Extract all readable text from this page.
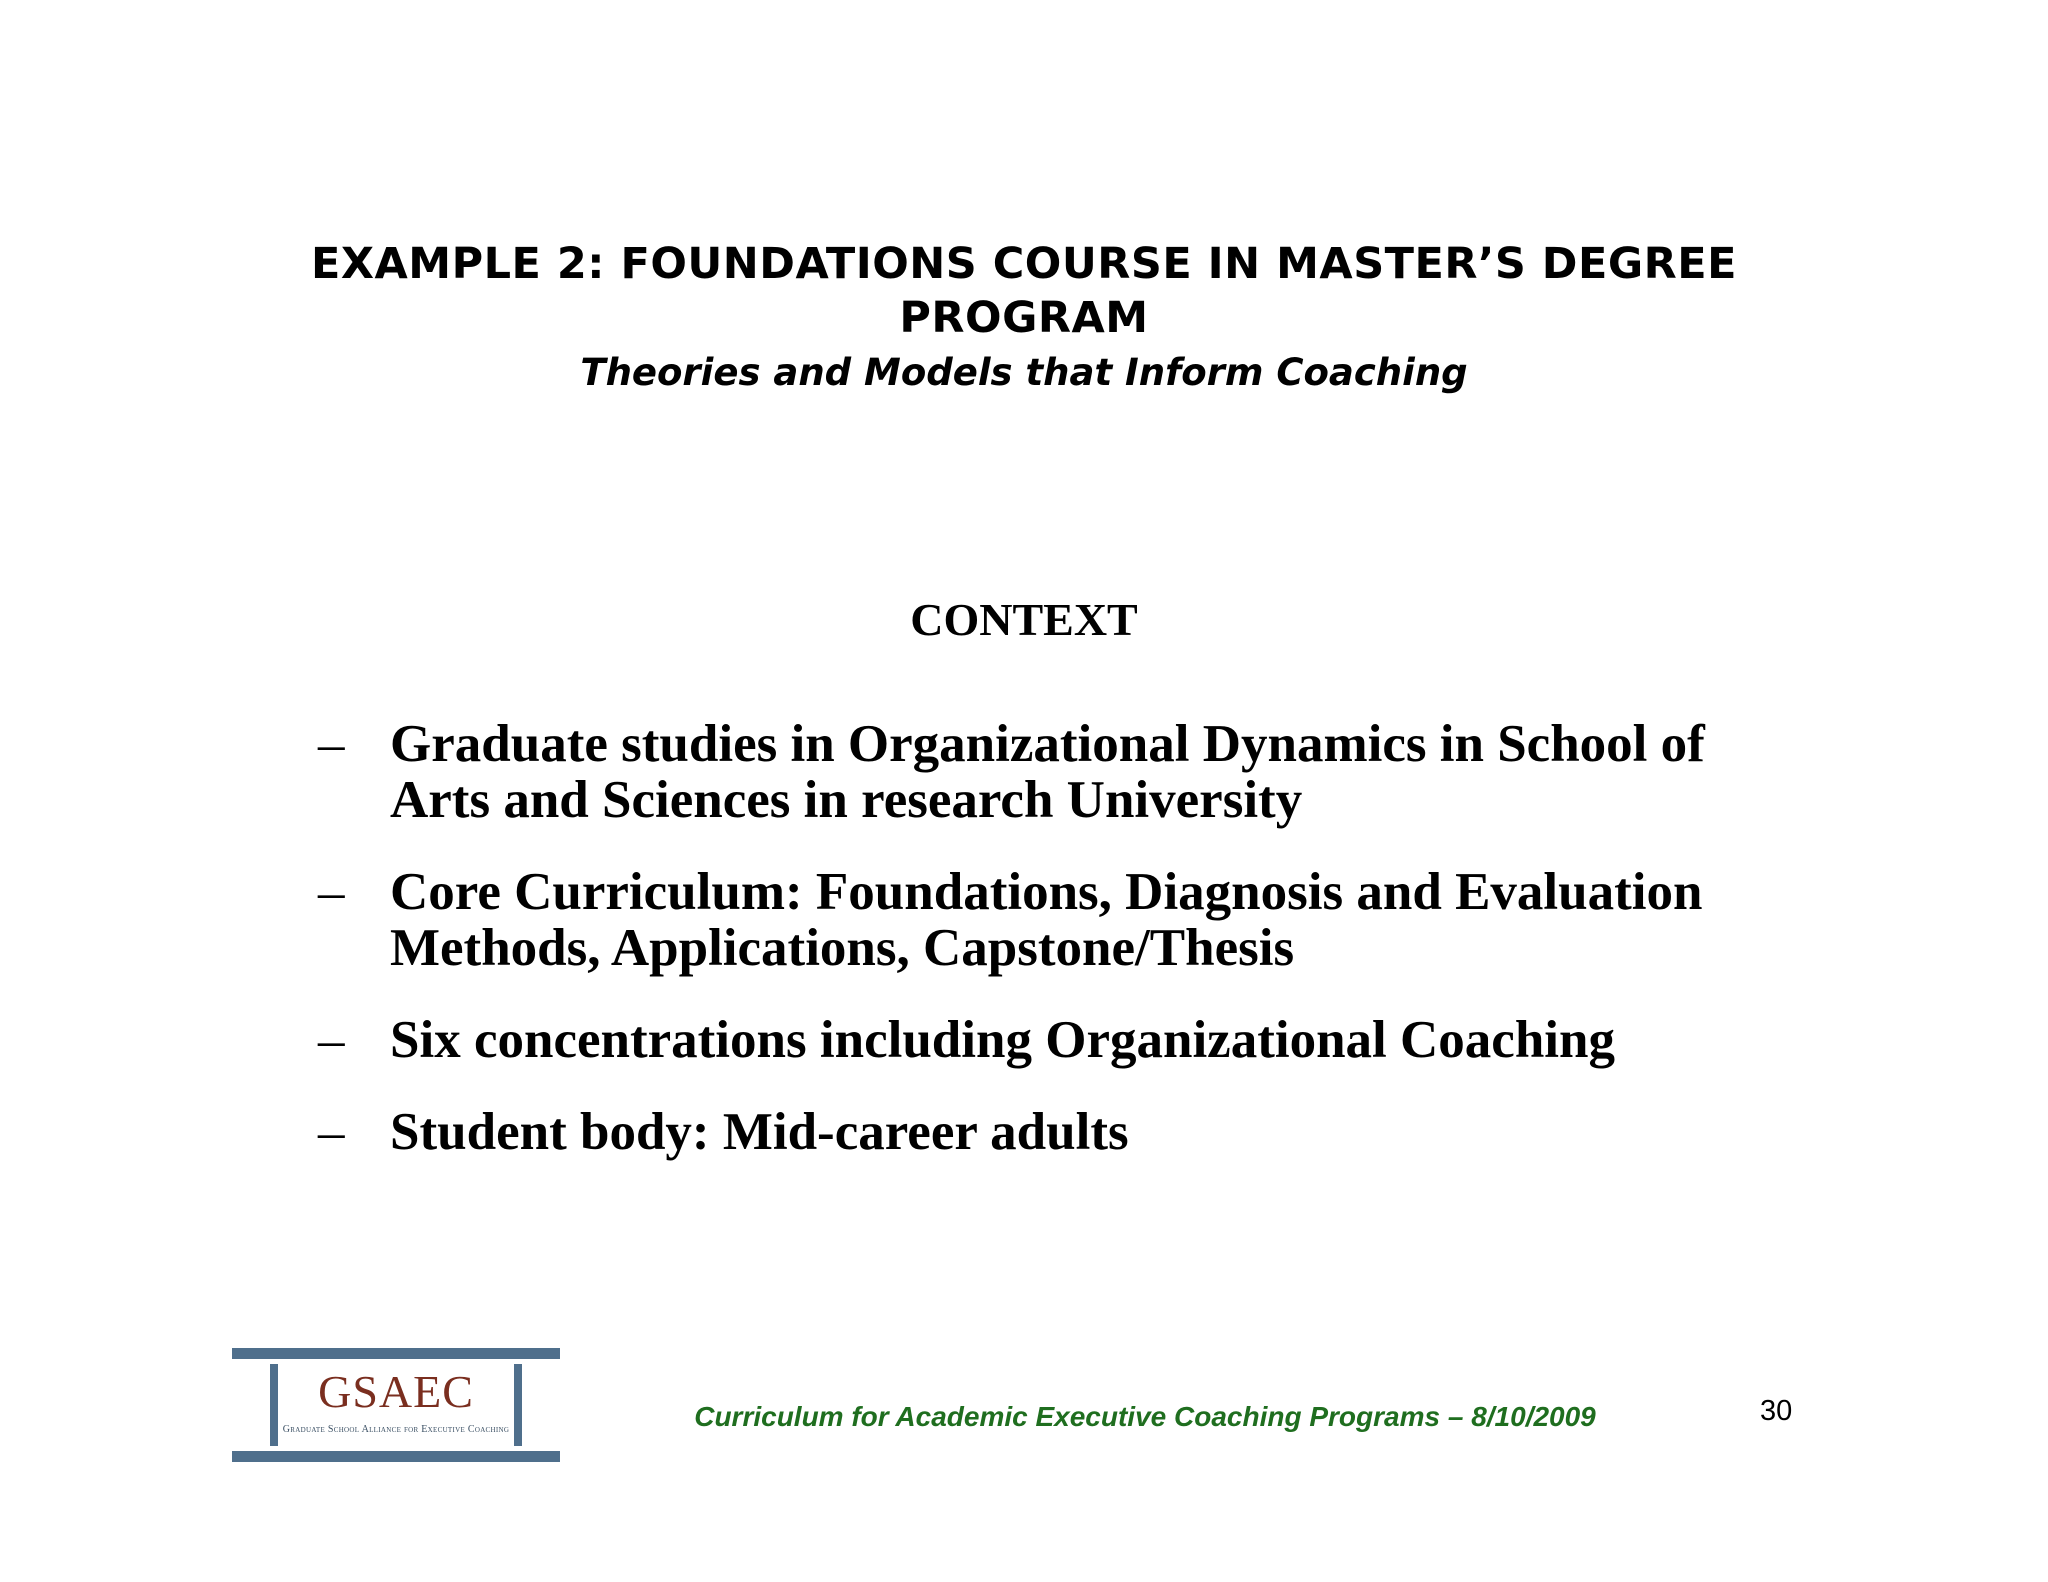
EXAMPLE 2: FOUNDATIONS COURSE IN MASTER’S DEGREE
PROGRAM
Theories and Models that Inform Coaching
CONTEXT
– Graduate studies in Organizational Dynamics in School of Arts and Sciences in research University
– Core Curriculum: Foundations, Diagnosis and Evaluation Methods, Applications, Capstone/Thesis
– Six concentrations including Organizational Coaching
– Student body: Mid-career adults
GSAEC
Graduate School Alliance for Executive Coaching	Curriculum for Academic Executive Coaching Programs – 8/10/2009	30
